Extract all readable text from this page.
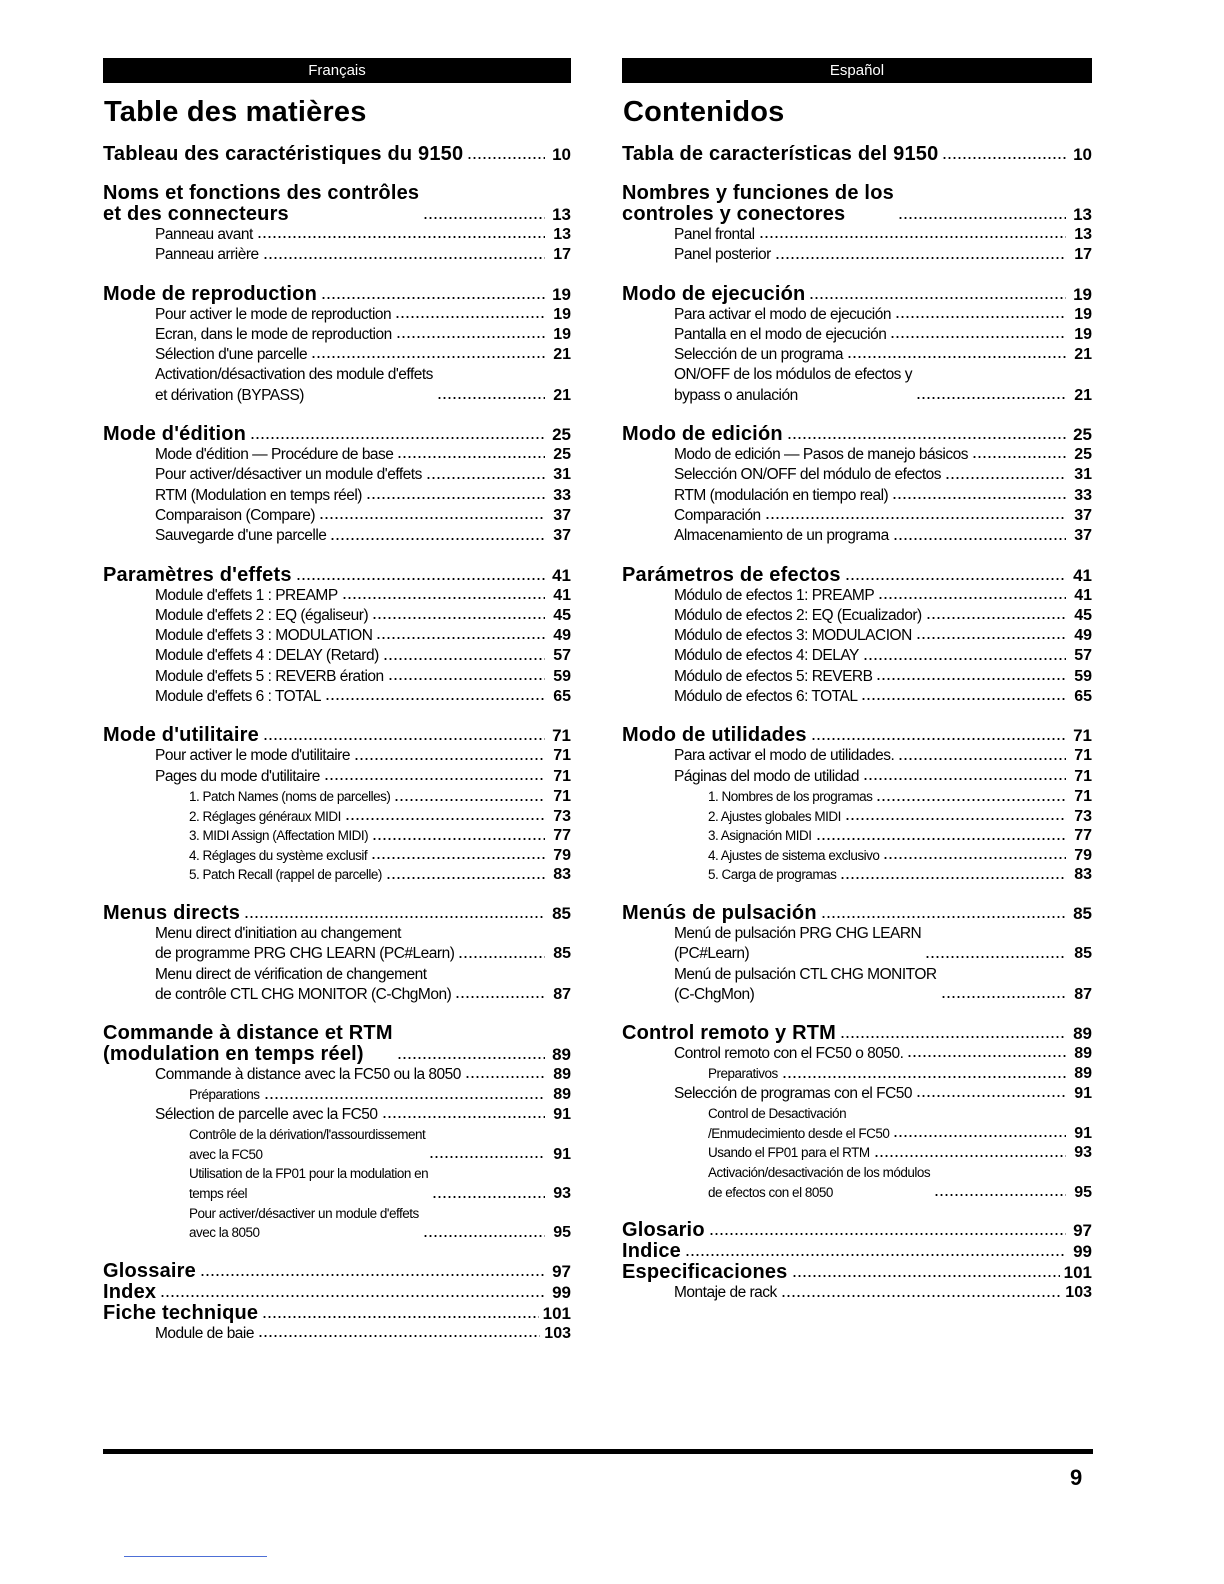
Français
Table des matières
Tableau des caractéristiques du 9150	10
Noms et fonctions des contrôles
et des connecteurs	13
Panneau avant	13
Panneau arrière	17
Mode de reproduction	19
Pour activer le mode de reproduction	19
Ecran, dans le mode de reproduction	19
Sélection d'une parcelle	21
Activation/désactivation des module d'effets
et dérivation (BYPASS)	21
Mode d'édition	25
Mode d'édition — Procédure de base	25
Pour activer/désactiver un module d'effets	31
RTM (Modulation en temps réel)	33
Comparaison (Compare)	37
Sauvegarde d'une parcelle	37
Paramètres d'effets	41
Module d'effets 1 : PREAMP	41
Module d'effets 2 : EQ (égaliseur)	45
Module d'effets 3 : MODULATION	49
Module d'effets 4 : DELAY (Retard)	57
Module d'effets 5 : REVERB ération	59
Module d'effets 6 : TOTAL	65
Mode d'utilitaire	71
Pour activer le mode d'utilitaire	71
Pages du mode d'utilitaire	71
1. Patch Names (noms de parcelles)	71
2. Réglages généraux MIDI	73
3. MIDI Assign (Affectation MIDI)	77
4. Réglages du système exclusif	79
5. Patch Recall (rappel de parcelle)	83
Menus directs	85
Menu direct d'initiation au changement
de programme PRG CHG LEARN (PC#Learn)	85
Menu direct de vérification de changement
de contrôle CTL CHG MONITOR (C-ChgMon)	87
Commande à distance et RTM
(modulation en temps réel)	89
Commande à distance avec la FC50 ou la 8050	89
Préparations	89
Sélection de parcelle avec la FC50	91
Contrôle de la dérivation/l'assourdissement
avec la FC50	91
Utilisation de la FP01 pour la modulation en
temps réel	93
Pour activer/désactiver un module d'effets
avec la 8050	95
Glossaire	97
Index	99
Fiche technique	101
Module de baie	103
Español
Contenidos
Tabla de características del 9150	10
Nombres y funciones de los
controles y conectores	13
Panel frontal	13
Panel posterior	17
Modo de ejecución	19
Para activar el modo de ejecución	19
Pantalla en el modo de ejecución	19
Selección de un programa	21
ON/OFF de los módulos de efectos y
bypass o anulación	21
Modo de edición	25
Modo de edición — Pasos de manejo básicos	25
Selección ON/OFF del módulo de efectos	31
RTM (modulación en tiempo real)	33
Comparación	37
Almacenamiento de un programa	37
Parámetros de efectos	41
Módulo de efectos 1: PREAMP	41
Módulo de efectos 2: EQ (Ecualizador)	45
Módulo de efectos 3: MODULACION	49
Módulo de efectos 4: DELAY	57
Módulo de efectos 5: REVERB	59
Módulo de efectos 6: TOTAL	65
Modo de utilidades	71
Para activar el modo de utilidades.	71
Páginas del modo de utilidad	71
1. Nombres de los programas	71
2. Ajustes globales MIDI	73
3. Asignación MIDI	77
4. Ajustes de sistema exclusivo	79
5. Carga de programas	83
Menús de pulsación	85
Menú de pulsación PRG CHG LEARN
(PC#Learn)	85
Menú de pulsación CTL CHG MONITOR
(C-ChgMon)	87
Control remoto y RTM	89
Control remoto con el FC50 o 8050.	89
Preparativos	89
Selección de programas con el FC50	91
Control de Desactivación
/Enmudecimiento desde el FC50	91
Usando el FP01 para el RTM	93
Activación/desactivación de los módulos
de efectos con el 8050	95
Glosario	97
Indice	99
Especificaciones	101
Montaje de rack	103
9
